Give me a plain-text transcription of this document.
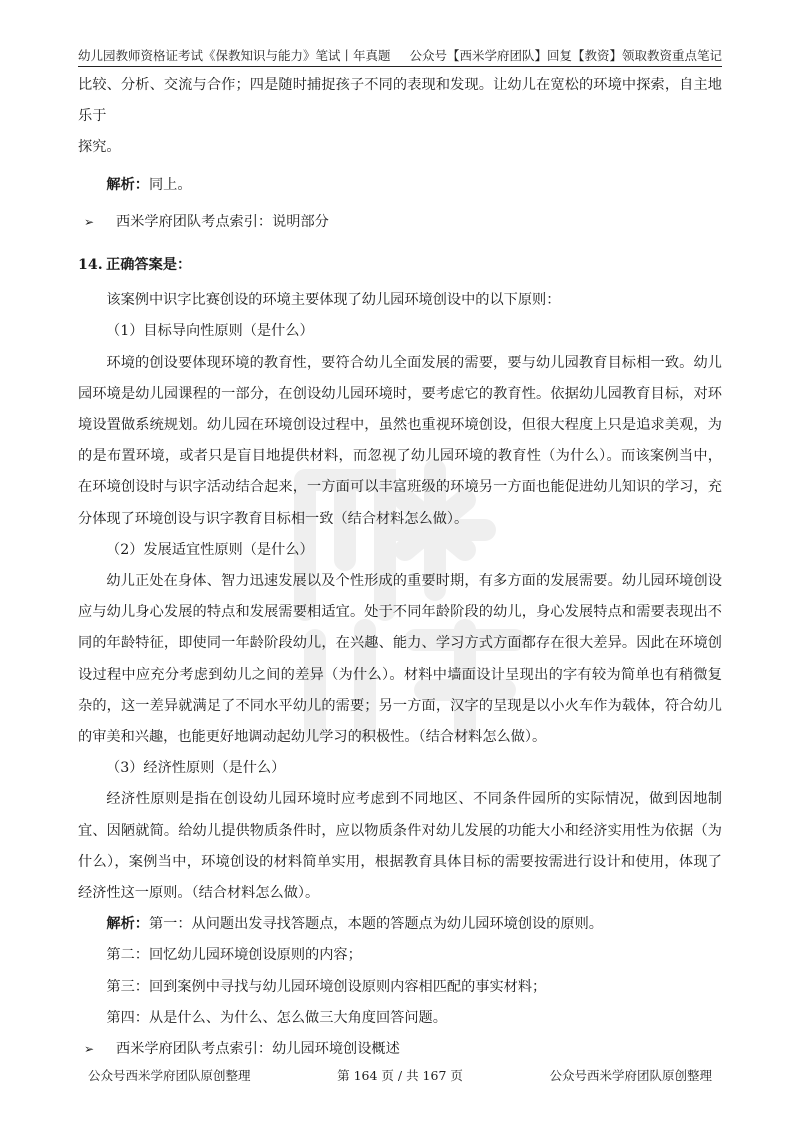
幼儿园教师资格证考试《保教知识与能力》笔试丨年真题 公众号【西米学府团队】回复【教资】领取教资重点笔记

比较、分析、交流与合作；四是随时捕捉孩子不同的表现和发现。让幼儿在宽松的环境中探索，自主地乐于

探究。

解析：同上。

➢ 西米学府团队考点索引：说明部分

14. 正确答案是：

该案例中识字比赛创设的环境主要体现了幼儿园环境创设中的以下原则：

（1）目标导向性原则（是什么）

环境的创设要体现环境的教育性，要符合幼儿全面发展的需要，要与幼儿园教育目标相一致。幼儿园环境是幼儿园课程的一部分，在创设幼儿园环境时，要考虑它的教育性。依据幼儿园教育目标，对环境设置做系统规划。幼儿园在环境创设过程中，虽然也重视环境创设，但很大程度上只是追求美观，为的是布置环境，或者只是盲目地提供材料，而忽视了幼儿园环境的教育性（为什么）。而该案例当中，在环境创设时与识字活动结合起来，一方面可以丰富班级的环境另一方面也能促进幼儿知识的学习，充分体现了环境创设与识字教育目标相一致（结合材料怎么做）。

（2）发展适宜性原则（是什么）

幼儿正处在身体、智力迅速发展以及个性形成的重要时期，有多方面的发展需要。幼儿园环境创设应与幼儿身心发展的特点和发展需要相适宜。处于不同年龄阶段的幼儿，身心发展特点和需要表现出不同的年龄特征，即使同一年龄阶段幼儿，在兴趣、能力、学习方式方面都存在很大差异。因此在环境创设过程中应充分考虑到幼儿之间的差异（为什么）。材料中墙面设计呈现出的字有较为简单也有稍微复杂的，这一差异就满足了不同水平幼儿的需要；另一方面，汉字的呈现是以小火车作为载体，符合幼儿的审美和兴趣，也能更好地调动起幼儿学习的积极性。（结合材料怎么做）。

（3）经济性原则（是什么）

经济性原则是指在创设幼儿园环境时应考虑到不同地区、不同条件园所的实际情况，做到因地制宜、因陋就简。给幼儿提供物质条件时，应以物质条件对幼儿发展的功能大小和经济实用性为依据（为什么），案例当中，环境创设的材料简单实用，根据教育具体目标的需要按需进行设计和使用，体现了经济性这一原则。（结合材料怎么做）。

解析：第一：从问题出发寻找答题点，本题的答题点为幼儿园环境创设的原则。

第二：回忆幼儿园环境创设原则的内容；

第三：回到案例中寻找与幼儿园环境创设原则内容相匹配的事实材料；

第四：从是什么、为什么、怎么做三大角度回答问题。

➢ 西米学府团队考点索引：幼儿园环境创设概述

公众号西米学府团队原创整理	第 164 页 / 共 167 页	公众号西米学府团队原创整理
